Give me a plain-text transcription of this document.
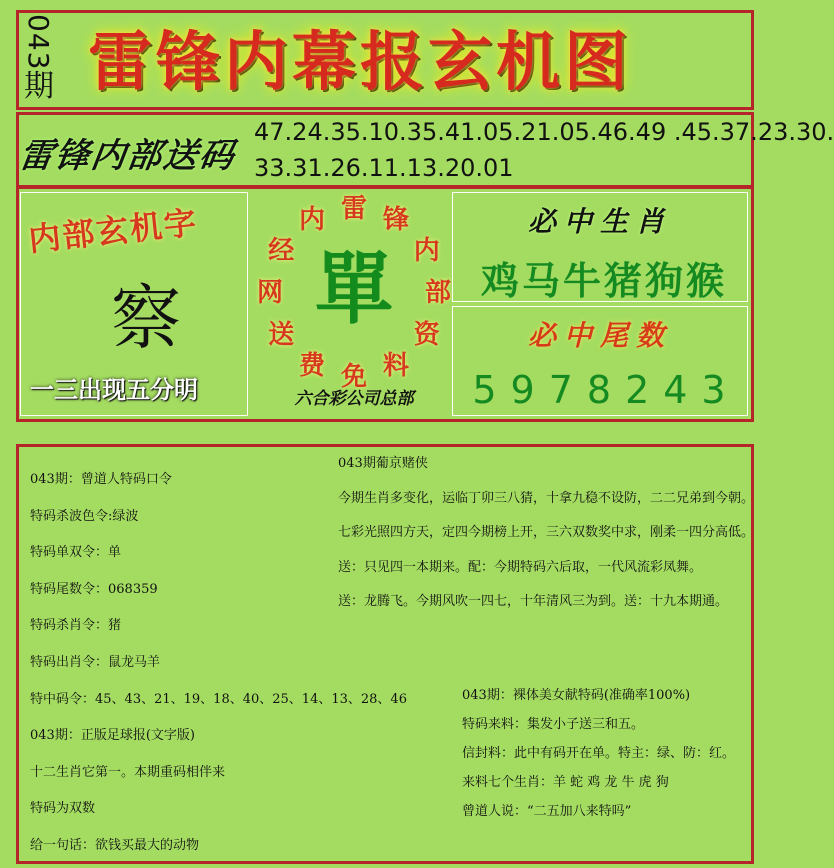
043
期 雷锋内幕报玄机图
雷锋内部送码
47.24.35.10.35.41.05.21.05.46.49 .45.37.23.30.
33.31.26.11.13.20.01
内部玄机字
察
一三出现五分明
雷 锋
内
部
资
料
免
费
送
网
经
内
單
六合彩公司总部
必中生肖
鸡马牛猪狗猴
必中尾数
5978243
043期：曾道人特码口令
特码杀波色令:绿波
特码单双令：单
特码尾数令：068359
特码杀肖令：猪
特码出肖令：鼠龙马羊
特中码令：45、43、21、19、18、40、25、14、13、28、46
043期：正版足球报(文字版)
十二生肖它第一。本期重码相伴来
特码为双数
给一句话：欲钱买最大的动物
043期葡京赌侠
今期生肖多变化，运临丁卯三八猜，十拿九稳不设防，二二兄弟到今朝。
七彩光照四方天，定四今期榜上开，三六双数奖中求，刚柔一四分高低。
送：只见四一本期来。配：今期特码六后取，一代风流彩凤舞。
送：龙腾飞。今期风吹一四七，十年清风三为到。送：十九本期通。
043期：裸体美女献特码(准确率100%)
特码来料：集发小子送三和五。
信封料：此中有码开在单。特主：绿、防：红。
来料七个生肖：羊 蛇 鸡 龙 牛 虎 狗
曾道人说：“二五加八来特吗”
